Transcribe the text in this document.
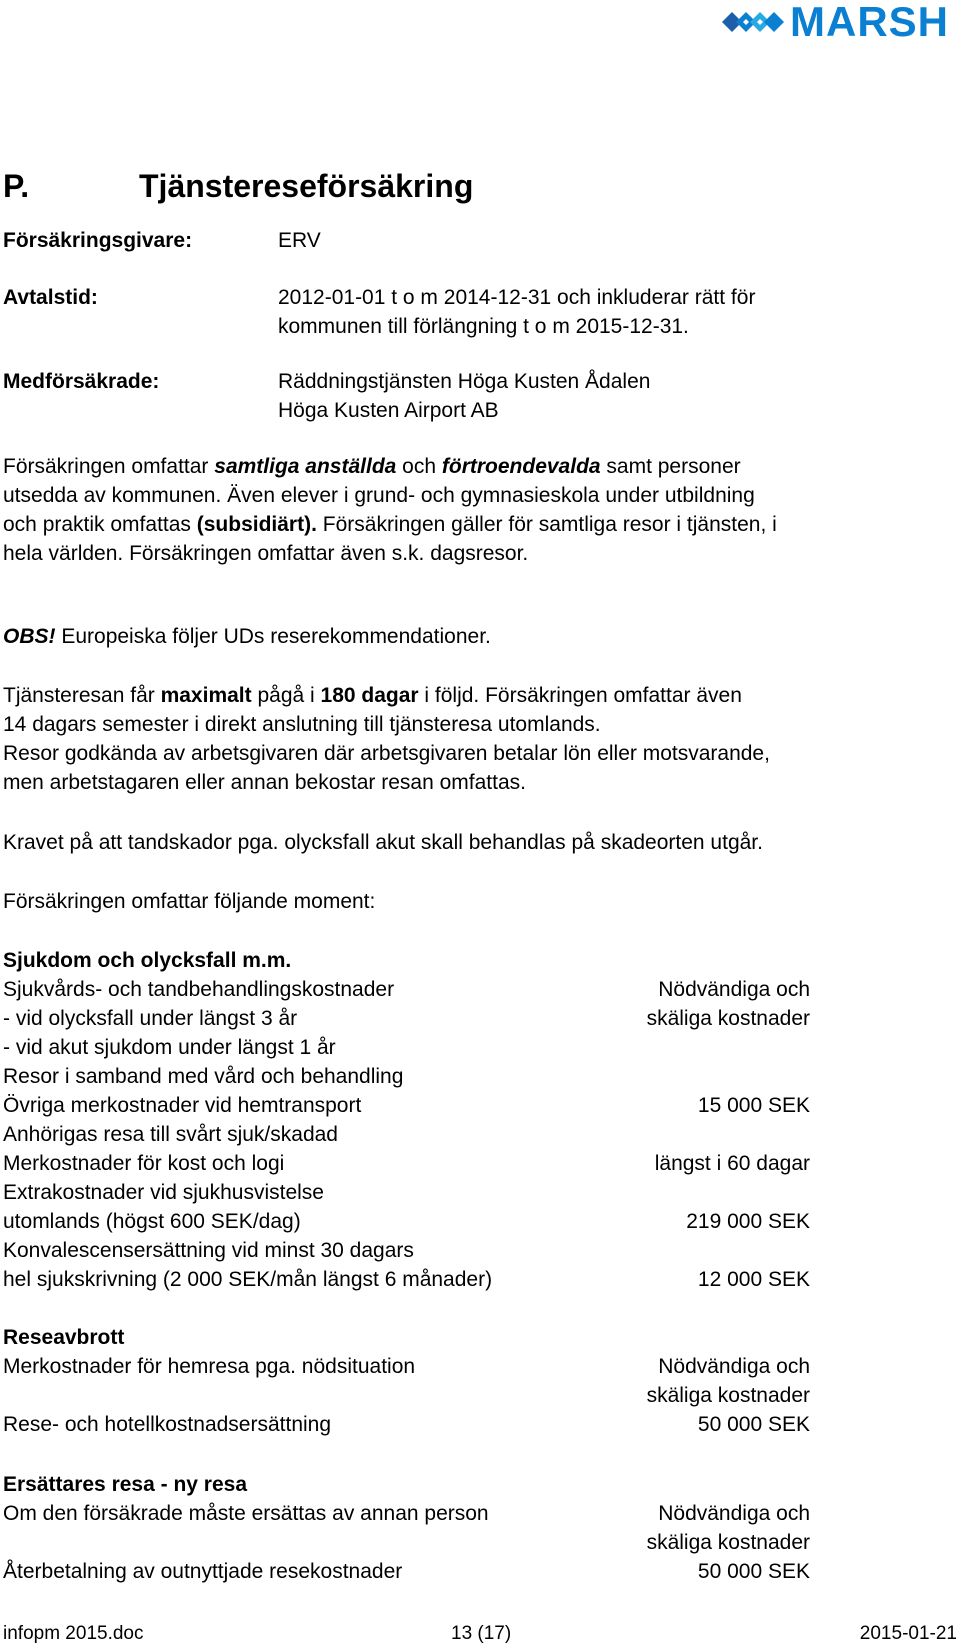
MARSH
P.	Tjänstereseförsäkring
Försäkringsgivare:	ERV
Avtalstid:	2012-01-01 t o m 2014-12-31 och inkluderar rätt för
kommunen till förlängning t o m 2015-12-31.
Medförsäkrade:	Räddningstjänsten Höga Kusten Ådalen
Höga Kusten Airport AB

Försäkringen omfattar samtliga anställda och förtroendevalda samt personer

utsedda av kommunen. Även elever i grund- och gymnasieskola under utbildning

och praktik omfattas (subsidiärt). Försäkringen gäller för samtliga resor i tjänsten, i

hela världen. Försäkringen omfattar även s.k. dagsresor.

OBS! Europeiska följer UDs reserekommendationer.

Tjänsteresan får maximalt pågå i 180 dagar i följd. Försäkringen omfattar även

14 dagars semester i direkt anslutning till tjänsteresa utomlands.

Resor godkända av arbetsgivaren där arbetsgivaren betalar lön eller motsvarande,

men arbetstagaren eller annan bekostar resan omfattas.

Kravet på att tandskador pga. olycksfall akut skall behandlas på skadeorten utgår.

Försäkringen omfattar följande moment:

Sjukdom och olycksfall m.m.
Sjukvårds- och tandbehandlingskostnader	Nödvändiga och
- vid olycksfall under längst 3 år	skäliga kostnader
- vid akut sjukdom under längst 1 år
Resor i samband med vård och behandling
Övriga merkostnader vid hemtransport	15 000 SEK
Anhörigas resa till svårt sjuk/skadad
Merkostnader för kost och logi	längst i 60 dagar
Extrakostnader vid sjukhusvistelse
utomlands (högst 600 SEK/dag)	219 000 SEK
Konvalescensersättning vid minst 30 dagars
hel sjukskrivning (2 000 SEK/mån längst 6 månader)	12 000 SEK
Reseavbrott
Merkostnader för hemresa pga. nödsituation	Nödvändiga och
skäliga kostnader
Rese- och hotellkostnadsersättning	50 000 SEK
Ersättares resa - ny resa
Om den försäkrade måste ersättas av annan person	Nödvändiga och
skäliga kostnader
Återbetalning av outnyttjade resekostnader	50 000 SEK
infopm 2015.doc	13 (17)	2015-01-21
